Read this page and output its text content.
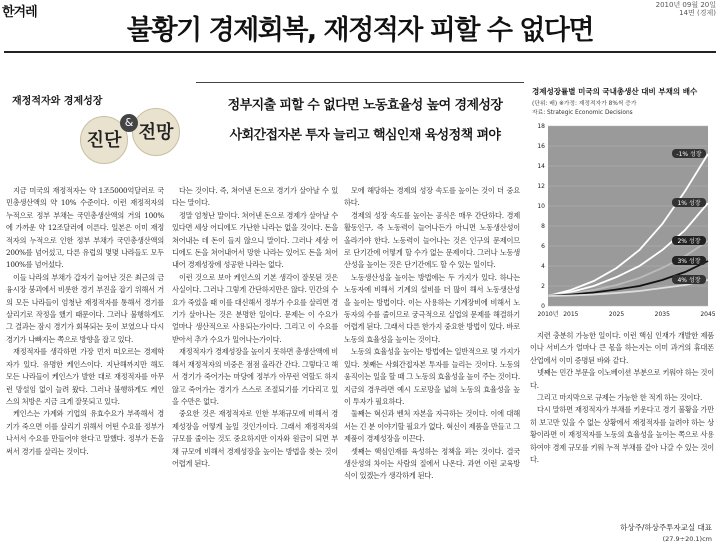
한겨레	2010년 09월 20일
14면 (경제)
불황기 경제회복, 재정적자 피할 수 없다면
재정적자와 경제성장
진단 전망
&
정부지출 피할 수 없다면 노동효율성 높여 경제성장
사회간접자본 투자 늘리고 핵심인재 육성정책 펴야

지금 미국의 재정적자는 약 1조5000억달러로 국민총생산액의 약 10% 수준이다. 이런 재정적자의 누적으로 정부 부채는 국민총생산액의 거의 100%에 가까운 약 12조달러에 이른다. 일본은 이미 재정적자의 누적으로 인한 정부 부채가 국민총생산액의 200%를 넘어섰고, 다른 유럽의 몇몇 나라들도 모두 100%를 넘어섰다.

이들 나라의 부채가 갑자기 늘어난 것은 최근의 금융시장 붕괴에서 비롯한 경기 부진을 잡기 위해서 거의 모든 나라들이 엄청난 재정적자를 통해서 경기를 살리기로 작정을 했기 때문이다. 그러나 불행하게도 그 결과는 잠시 경기가 회복되는 듯이 보였으나 다시 경기가 나빠지는 쪽으로 방향을 잡고 있다.

재정적자를 생각하면 가장 먼저 떠오르는 경제학자가 있다. 유명한 케인스이다. 지난해까지만 해도 모든 나라들이 케인스가 발한 대로 재정적자를 아무런 망설임 없이 늘려 왔다. 그러나 불행하게도 케인스의 처방은 지금 크게 잘못되고 있다.

케인스는 가계와 기업의 유효수요가 부족해서 경기가 죽으면 이를 살리기 위해서 어떤 수요를 정부가 나서서 수요를 만들어야 한다고 말했다. 정부가 돈을 써서 경기를 살리는 것이다.

다는 것이다. 즉, 쳐어낸 돈으로 경기가 살아날 수 있다는 말이다.

정말 엄청난 말이다. 쳐어낸 돈으로 경제가 살아날 수 있다면 세상 어디에도 가난한 나라는 없을 것이다. 돈을 쳐어내는 데 돈이 들지 않으니 말이다. 그러나 세상 어디에도 돈을 쳐어내어서 망한 나라는 있어도 돈을 쳐어내어 경제성장에 성공한 나라는 없다.

이런 것으로 보아 케인스의 기본 생각이 잘못된 것은 사실이다. 그러나 그렇게 간단하지만은 않다. 민간의 수요가 죽었을 때 이를 대신해서 정부가 수요를 살리면 경기가 살아나는 것은 분명한 일이다. 문제는 이 수요가 얼마나 생산적으로 사용되는가이다. 그리고 이 수요를 받아서 추가 수요가 일어나는가이다.

재정적자가 경제성장을 높이지 못하면 총생산액에 비해서 재정적자의 비중은 점점 올라간 간다. 그렇다고 해서 경기가 죽어가는 마당에 정부가 아무런 역할도 하지 않고 죽어가는 경기가 스스로 조절되기를 기다리고 있을 수만은 없다.

중요한 것은 재정적자로 인한 부채규모에 비해서 경제성장을 어떻게 높일 것인가이다. 그래서 재정적자의 규모를 줄이는 것도 중요하지만 이자와 원금이 되면 부채 규모에 비해서 경제성장을 높이는 방법을 찾는 것이 어렵게 된다.

모에 해당하는 경제의 성장 속도를 높이는 것이 더 중요하다.

경제의 성장 속도를 높이는 공식은 매우 간단하다. 경제활동인구, 즉 노동력이 늘어나든가 아니면 노동생산성이 올라가야 한다. 노동력이 늘어나는 것은 인구의 문제이므로 단기간에 어떻게 할 수가 없는 문제이다. 그러나 노동생산성을 높이는 것은 단기간에도 할 수 있는 일이다.

노동생산성을 높이는 방법에는 두 가지가 있다. 하나는 노동자에 비해서 기계의 설비를 더 많이 해서 노동생산성을 높이는 방법이다. 이는 사용하는 기계장비에 비해서 노동자의 수를 줄이므로 궁극적으로 실업의 문제를 해결하기 어렵게 된다. 그래서 다른 한가지 중요한 방법이 있다. 바로 노동의 효율성을 높이는 것이다.

노동의 효율성을 높이는 방법에는 일반적으로 몇 가지가 있다. 첫째는 사회간접자본 투자를 늘리는 것이다. 노동의 움직이는 일을 할 때 그 노동의 효율성을 높이 주는 것이다. 지금의 경우라면 예시 도로망을 넓혀 노동의 효율성을 높이 투자가 필요하다.

둘째는 혁신과 벤처 자본을 자극하는 것이다. 이에 대해서는 긴 분 이야기할 필요가 없다. 혁신이 제품을 만들고 그 제품이 경제성장을 이끈다.

셋째는 핵심인재를 육성하는 정책을 펴는 것이다. 결국 생산성의 차이는 사람의 질에서 나온다. 과연 이런 교육방식이 있겠는가 생각하게 된다.

경제성장률별 미국의 국내총생산 대비 부채의 배수
(단위: 배) ※가정: 재정적자가 8%씩 증가
자료: Strategic Economic Decisions
0
2
4
6
8
10
12
14
16
18
2010년 2015	2025	2035	2045
-1% 성장
1% 성장
2% 성장
3% 성장
4% 성장

지련 충분히 가능한 일이다. 이런 핵심 인재가 개발한 제품이나 서비스가 얼마나 큰 몫을 하는지는 이미 과거의 휴대폰 산업에서 이미 증명된 바와 같다.

넷째는 민간 부문을 이노베이션 부분으로 키워야 하는 것이다.

그리고 마지막으로 규제는 가능한 한 적게 하는 것이다.

다시 말하면 재정적자가 부채를 키운다고 경기 불황을 가만히 보고만 있을 수 없는 상황에서 재정적자를 늘려야 하는 상황이라면 이 재정적자를 노동의 효율성을 높이는 쪽으로 사용하여야 경제 규모를 키워 누적 부채를 갚아 나갈 수 있는 것이다.

하상주/하상주투자교실 대표
(27.9÷20.1)cm
